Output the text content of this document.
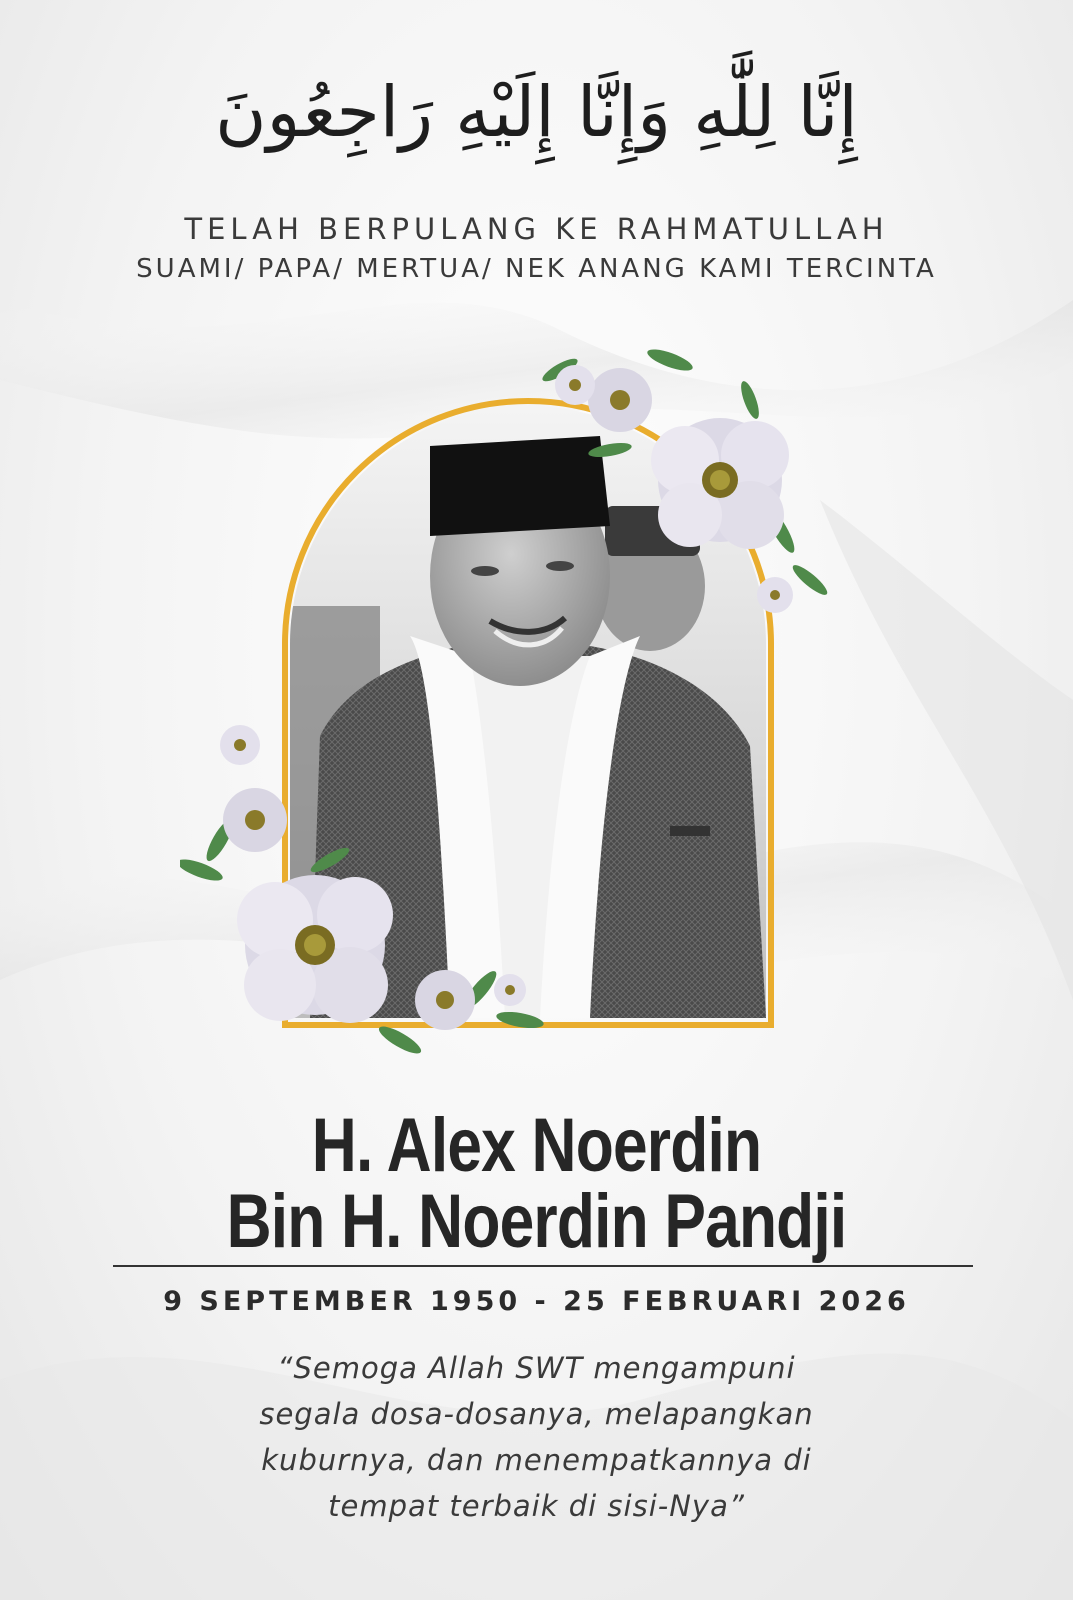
إِنَّا لِلَّٰهِ وَإِنَّا إِلَيْهِ رَاجِعُونَ
TELAH BERPULANG KE RAHMATULLAH
SUAMI/ PAPA/ MERTUA/ NEK ANANG KAMI TERCINTA
H. Alex Noerdin
Bin H. Noerdin Pandji
9 SEPTEMBER 1950 - 25 FEBRUARI 2026
“Semoga Allah SWT mengampuni
segala dosa-dosanya, melapangkan
kuburnya, dan menempatkannya di
tempat terbaik di sisi-Nya”
